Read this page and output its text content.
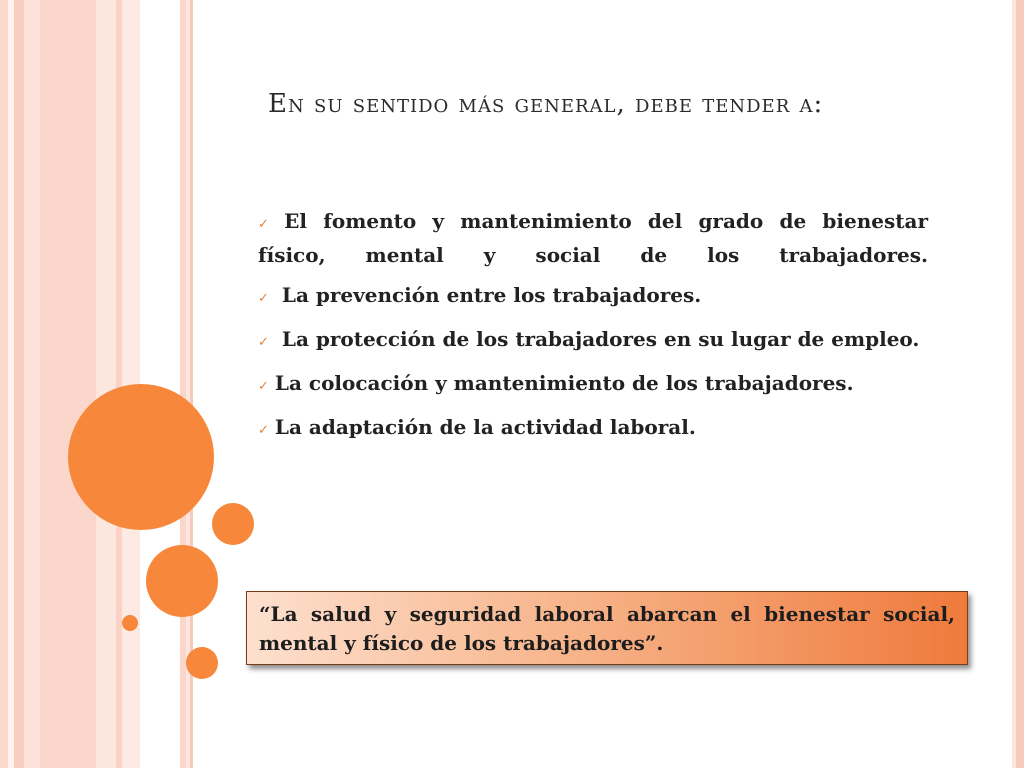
En su sentido más general, debe tender a:
✓ El fomento y mantenimiento del grado de bienestar físico, mental y social de los trabajadores.
✓ La prevención entre los trabajadores.
✓ La protección de los trabajadores en su lugar de empleo.
✓ La colocación y mantenimiento de los trabajadores.
✓ La adaptación de la actividad laboral.
“La salud y seguridad laboral abarcan el bienestar social, mental y físico de los trabajadores”.
